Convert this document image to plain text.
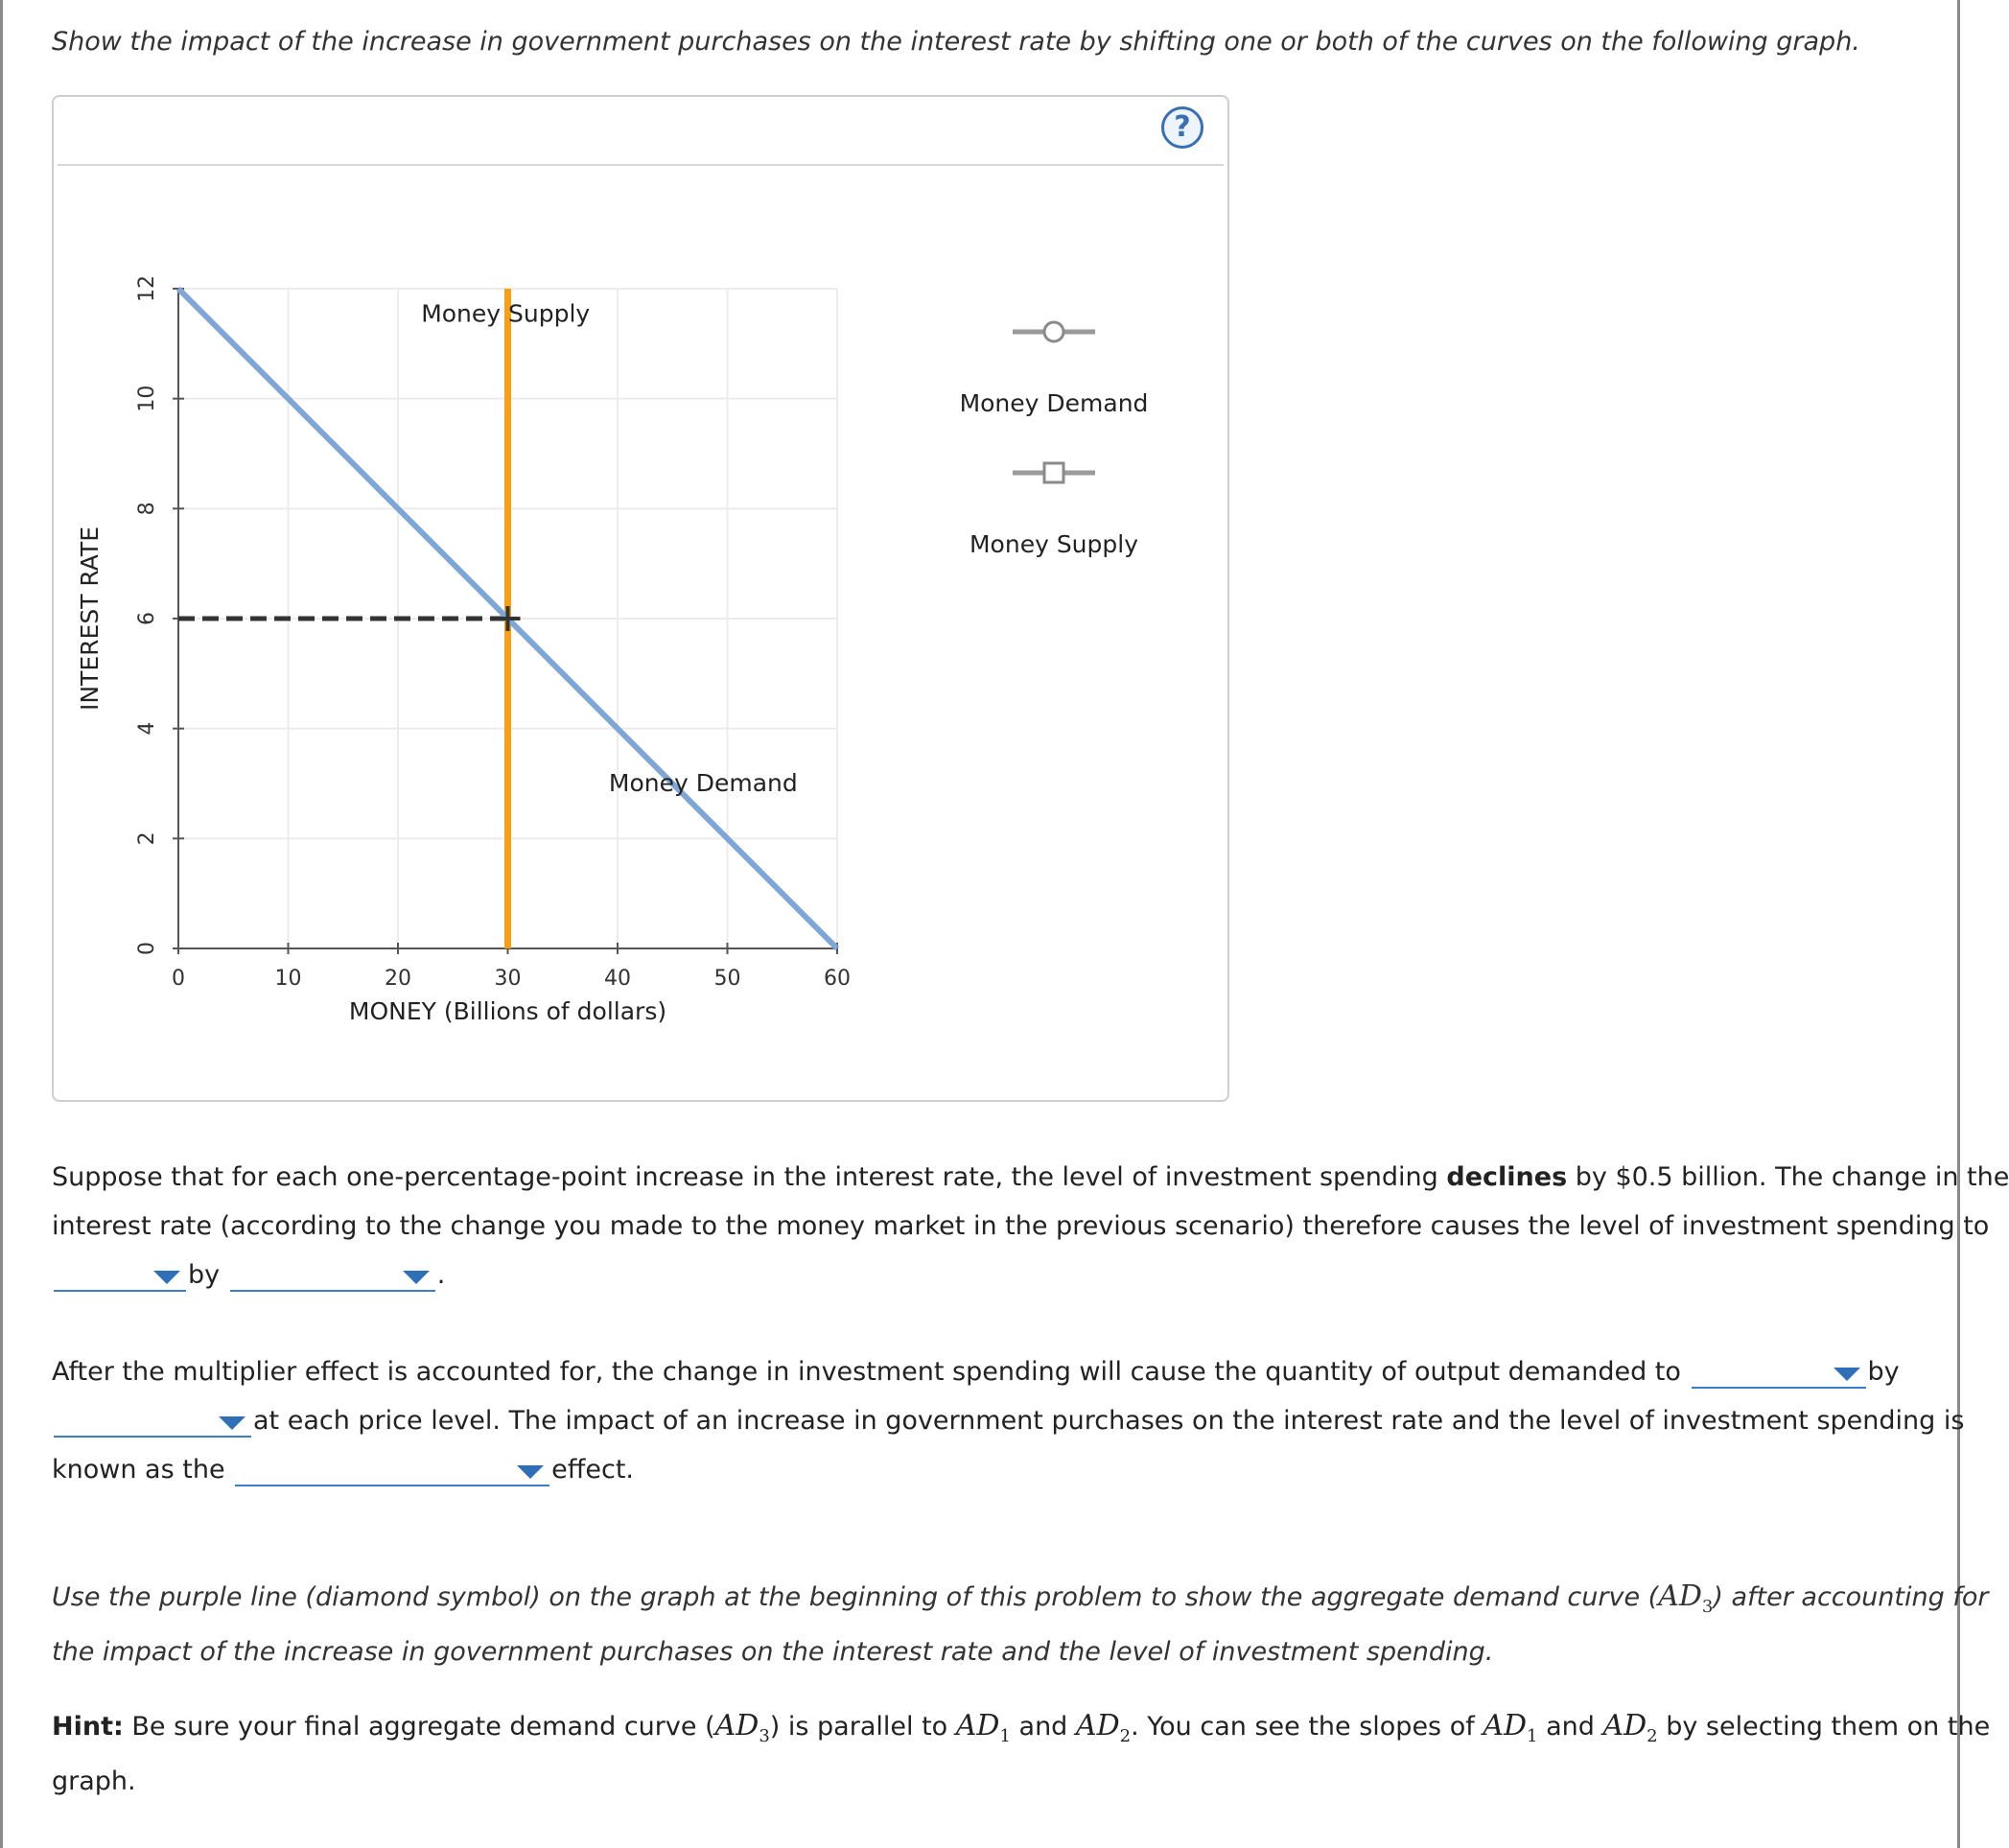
Show the impact of the increase in government purchases on the interest rate by shifting one or both of the curves on the following graph.
?
0	10	20	30	40	50	60
0
2
4
6
8
10
12
MONEY (Billions of dollars)
INTEREST RATE
Money Supply
Money Demand
Money Demand
Money Supply
Suppose that for each one-percentage-point increase in the interest rate, the level of investment spending declines by $0.5 billion. The change in the
interest rate (according to the change you made to the money market in the previous scenario) therefore causes the level of investment spending to
by	.
After the multiplier effect is accounted for, the change in investment spending will cause the quantity of output demanded to	by
at each price level. The impact of an increase in government purchases on the interest rate and the level of investment spending is
known as the	effect.
Use the purple line (diamond symbol) on the graph at the beginning of this problem to show the aggregate demand curve $(AD_3)$ after accounting for
the impact of the increase in government purchases on the interest rate and the level of investment spending.
Hint: Be sure your final aggregate demand curve $(AD_3)$ is parallel to $AD_1$ and $AD_2$. You can see the slopes of $AD_1$ and $AD_2$ by selecting them on the
graph.
